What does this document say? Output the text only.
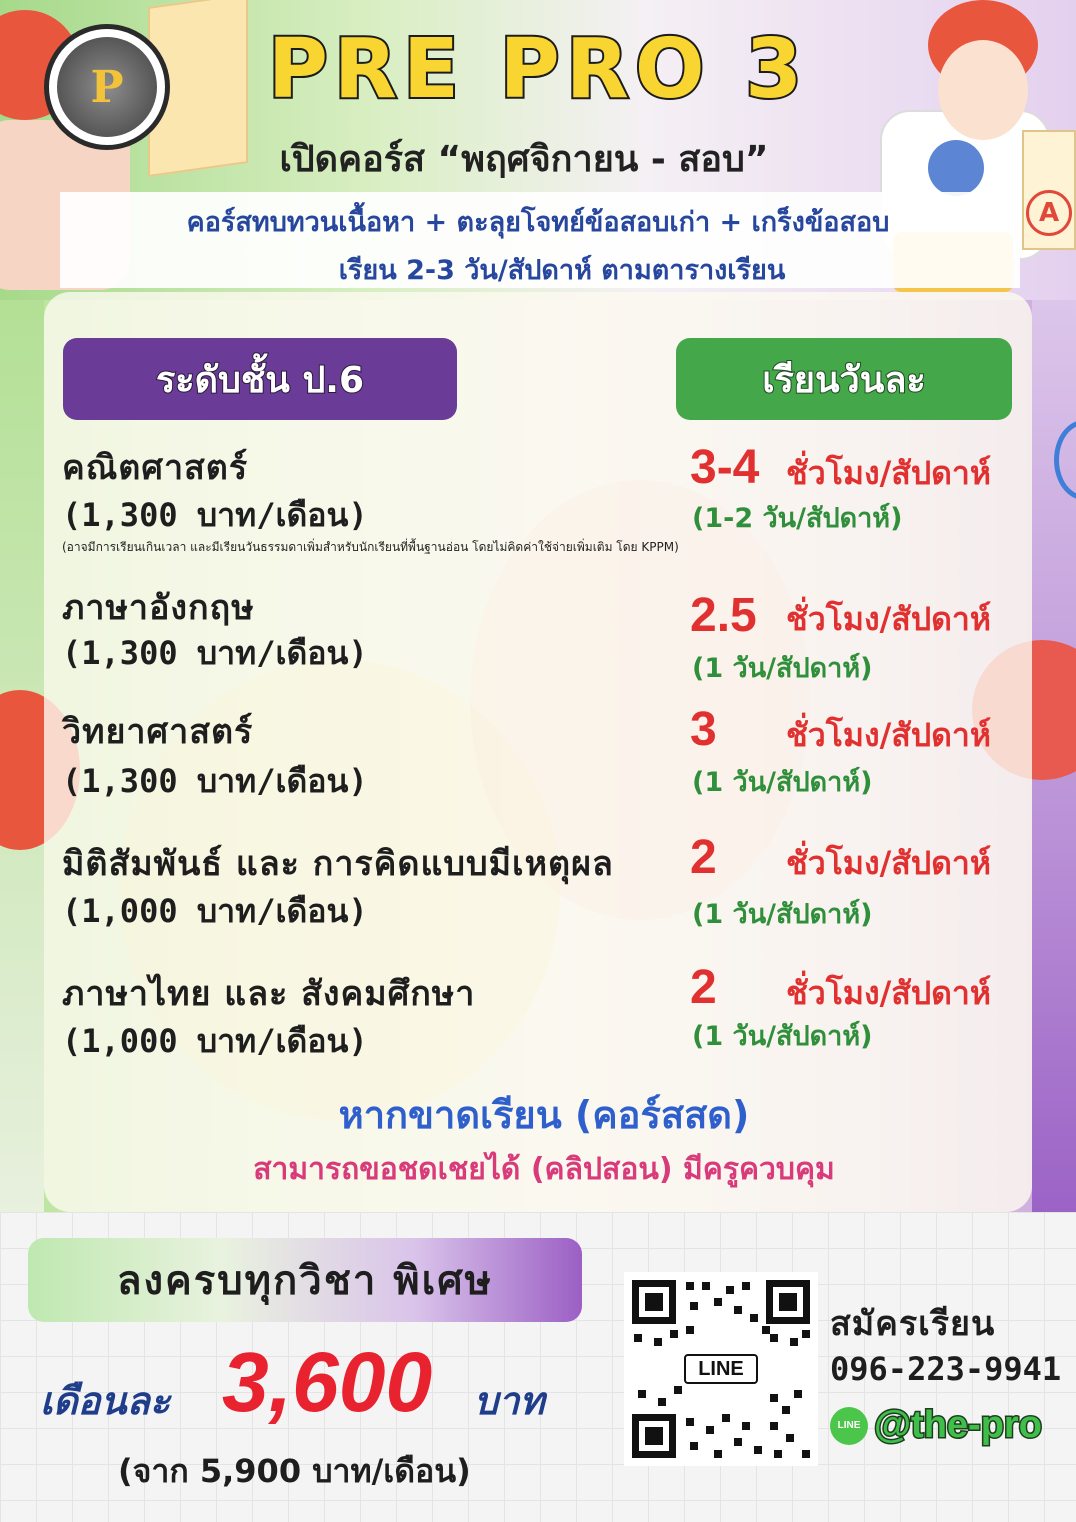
A
P	PRE PRO 3
เปิดคอร์ส “พฤศจิกายน - สอบ”
คอร์สทบทวนเนื้อหา + ตะลุยโจทย์ข้อสอบเก่า + เกร็งข้อสอบ
เรียน 2-3 วัน/สัปดาห์ ตามตารางเรียน
ระดับชั้น ป.6	เรียนวันละ
คณิตศาสตร์
(1,300 บาท/เดือน)
3-4 ชั่วโมง/สัปดาห์
(1-2 วัน/สัปดาห์)
(อาจมีการเรียนเกินเวลา และมีเรียนวันธรรมดาเพิ่มสำหรับนักเรียนที่พื้นฐานอ่อน โดยไม่คิดค่าใช้จ่ายเพิ่มเติม โดย KPPM)
ภาษาอังกฤษ
(1,300 บาท/เดือน)
2.5 ชั่วโมง/สัปดาห์
(1 วัน/สัปดาห์)
วิทยาศาสตร์
(1,300 บาท/เดือน)
3 ชั่วโมง/สัปดาห์
(1 วัน/สัปดาห์)
มิติสัมพันธ์ และ การคิดแบบมีเหตุผล
(1,000 บาท/เดือน)
2 ชั่วโมง/สัปดาห์
(1 วัน/สัปดาห์)
ภาษาไทย และ สังคมศึกษา
(1,000 บาท/เดือน)
2 ชั่วโมง/สัปดาห์
(1 วัน/สัปดาห์)
หากขาดเรียน (คอร์สสด)
สามารถขอชดเชยได้ (คลิปสอน) มีครูควบคุม
ลงครบทุกวิชา พิเศษ
เดือนละ 3,600 บาท
(จาก 5,900 บาท/เดือน)
LINE
สมัครเรียน
096-223-9941
LINE @the-pro
